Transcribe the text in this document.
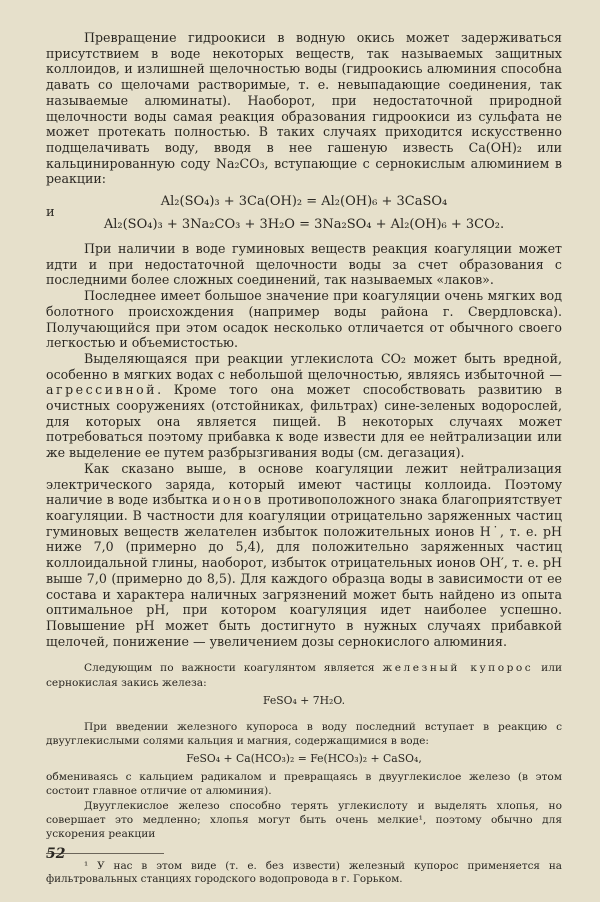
Превращение гидроокиси в водную окись может задерживаться присутствием в воде некоторых веществ, так называемых защитных коллоидов, и излишней щелочностью воды (гидроокись алюминия способна давать со щелочами растворимые, т. е. невыпадающие соединения, так называемые алюминаты). Наоборот, при недостаточной природной щелочности воды самая реакция образования гидроокиси из сульфата не может протекать полностью. В таких случаях приходится искусственно подщелачивать воду, вводя в нее гашеную известь Ca(OH)₂ или кальцинированную соду Na₂CO₃, вступающие с сернокислым алюминием в реакции:

Al₂(SO₄)₃ + 3Ca(OH)₂ = Al₂(OH)₆ + 3CaSO₄
и
Al₂(SO₄)₃ + 3Na₂CO₃ + 3H₂O = 3Na₂SO₄ + Al₂(OH)₆ + 3CO₂.

При наличии в воде гуминовых веществ реакция коагуляции может идти и при недостаточной щелочности воды за счет образования с последними более сложных соединений, так называемых «лаков».

Последнее имеет большое значение при коагуляции очень мягких вод болотного происхождения (например воды района г. Свердловска). Получающийся при этом осадок несколько отличается от обычного своего легкостью и объемистостью.

Выделяющаяся при реакции углекислота CO₂ может быть вредной, особенно в мягких водах с небольшой щелочностью, являясь избыточной — агрессивной. Кроме того она может способствовать развитию в очистных сооружениях (отстойниках, фильтрах) сине-зеленых водорослей, для которых она является пищей. В некоторых случаях может потребоваться поэтому прибавка к воде извести для ее нейтрализации или же выделение ее путем разбрызгивания воды (см. дегазация).

Как сказано выше, в основе коагуляции лежит нейтрализация электрического заряда, который имеют частицы коллоида. Поэтому наличие в воде избытка ионов противоположного знака благоприятствует коагуляции. В частности для коагуляции отрицательно заряженных частиц гуминовых веществ желателен избыток положительных ионов H˙, т. е. pH ниже 7,0 (примерно до 5,4), для положительно заряженных частиц коллоидальной глины, наоборот, избыток отрицательных ионов OH′, т. е. pH выше 7,0 (примерно до 8,5). Для каждого образца воды в зависимости от ее состава и характера наличных загрязнений может быть найдено из опыта оптимальное pH, при котором коагуляция идет наиболее успешно. Повышение pH может быть достигнуто в нужных случаях прибавкой щелочей, понижение — увеличением дозы сернокислого алюминия.

Следующим по важности коагулянтом является железный купорос или сернокислая закись железа:

FeSO₄ + 7H₂O.

При введении железного купороса в воду последний вступает в реакцию с двууглекислыми солями кальция и магния, содержащимися в воде:

FeSO₄ + Ca(HCO₃)₂ = Fe(HCO₃)₂ + CaSO₄,

обмениваясь с кальцием радикалом и превращаясь в двууглекислое железо (в этом состоит главное отличие от алюминия).

Двууглекислое железо способно терять углекислоту и выделять хлопья, но совершает это медленно; хлопья могут быть очень мелкие¹, поэтому обычно для ускорения реакции

¹ У нас в этом виде (т. е. без извести) железный купорос применяется на фильтровальных станциях городского водопровода в г. Горьком.

52
